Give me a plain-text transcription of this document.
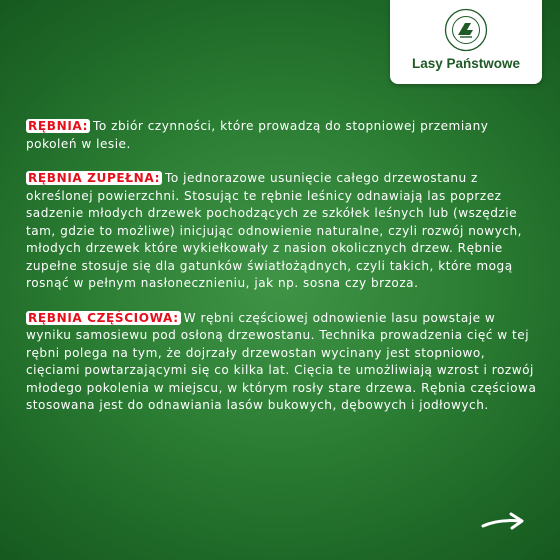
Lasy Państwowe

RĘBNIA: To zbiór czynności, które prowadzą do stopniowej przemiany pokoleń w lesie.

RĘBNIA ZUPEŁNA: To jednorazowe usunięcie całego drzewostanu z określonej powierzchni. Stosując te rębnie leśnicy odnawiają las poprzez sadzenie młodych drzewek pochodzących ze szkółek leśnych lub (wszędzie tam, gdzie to możliwe) inicjując odnowienie naturalne, czyli rozwój nowych, młodych drzewek które wykiełkowały z nasion okolicznych drzew. Rębnie zupełne stosuje się dla gatunków światłożądnych, czyli takich, które mogą rosnąć w pełnym nasłonecznieniu, jak np. sosna czy brzoza.

RĘBNIA CZĘŚCIOWA: W rębni częściowej odnowienie lasu powstaje w wyniku samosiewu pod osłoną drzewostanu. Technika prowadzenia cięć w tej rębni polega na tym, że dojrzały drzewostan wycinany jest stopniowo, cięciami powtarzającymi się co kilka lat. Cięcia te umożliwiają wzrost i rozwój młodego pokolenia w miejscu, w którym rosły stare drzewa. Rębnia częściowa stosowana jest do odnawiania lasów bukowych, dębowych i jodłowych.
